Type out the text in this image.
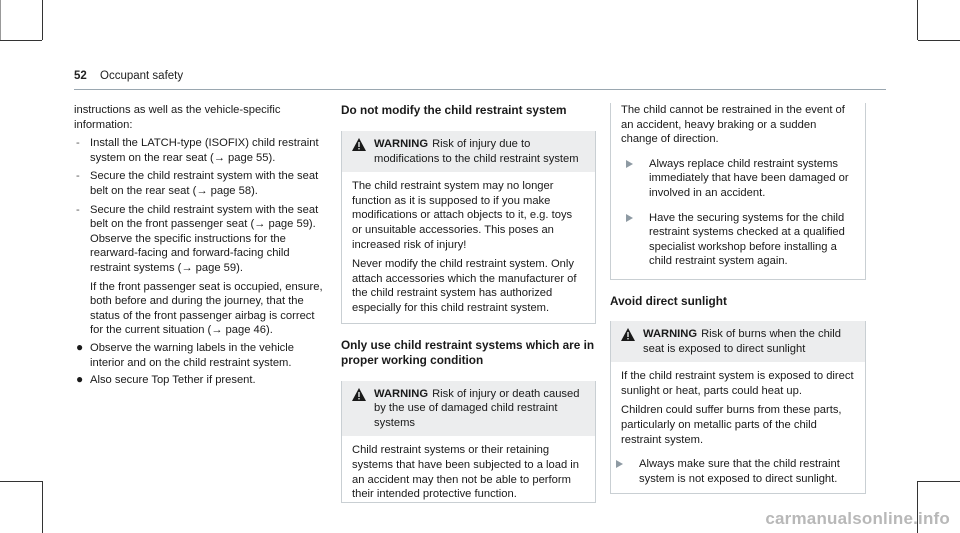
52 Occupant safety

instructions as well as the vehicle-specific information:

- Install the LATCH-type (ISOFIX) child restraint system on the rear seat (→ page 55).
- Secure the child restraint system with the seat belt on the rear seat (→ page 58).
- Secure the child restraint system with the seat belt on the front passenger seat (→ page 59). Observe the specific instructions for the rearward-facing and forward-facing child restraint systems (→ page 59).

If the front passenger seat is occupied, ensure, both before and during the journey, that the status of the front passenger airbag is correct for the current situation (→ page 46).

● Observe the warning labels in the vehicle interior and on the child restraint system.
● Also secure Top Tether if present.

Do not modify the child restraint system

WARNING Risk of injury due to modifications to the child restraint system

The child restraint system may no longer function as it is supposed to if you make modifications or attach objects to it, e.g. toys or unsuitable accessories. This poses an increased risk of injury!

Never modify the child restraint system. Only attach accessories which the manufacturer of the child restraint system has authorized especially for this child restraint system.

Only use child restraint systems which are in proper working condition

WARNING Risk of injury or death caused by the use of damaged child restraint systems

Child restraint systems or their retaining systems that have been subjected to a load in an accident may then not be able to perform their intended protective function.

The child cannot be restrained in the event of an accident, heavy braking or a sudden change of direction.

Always replace child restraint systems immediately that have been damaged or involved in an accident.
Have the securing systems for the child restraint systems checked at a qualified specialist workshop before installing a child restraint system again.

Avoid direct sunlight

WARNING Risk of burns when the child seat is exposed to direct sunlight

If the child restraint system is exposed to direct sunlight or heat, parts could heat up.

Children could suffer burns from these parts, particularly on metallic parts of the child restraint system.

Always make sure that the child restraint system is not exposed to direct sunlight.
carmanualsonline.info
